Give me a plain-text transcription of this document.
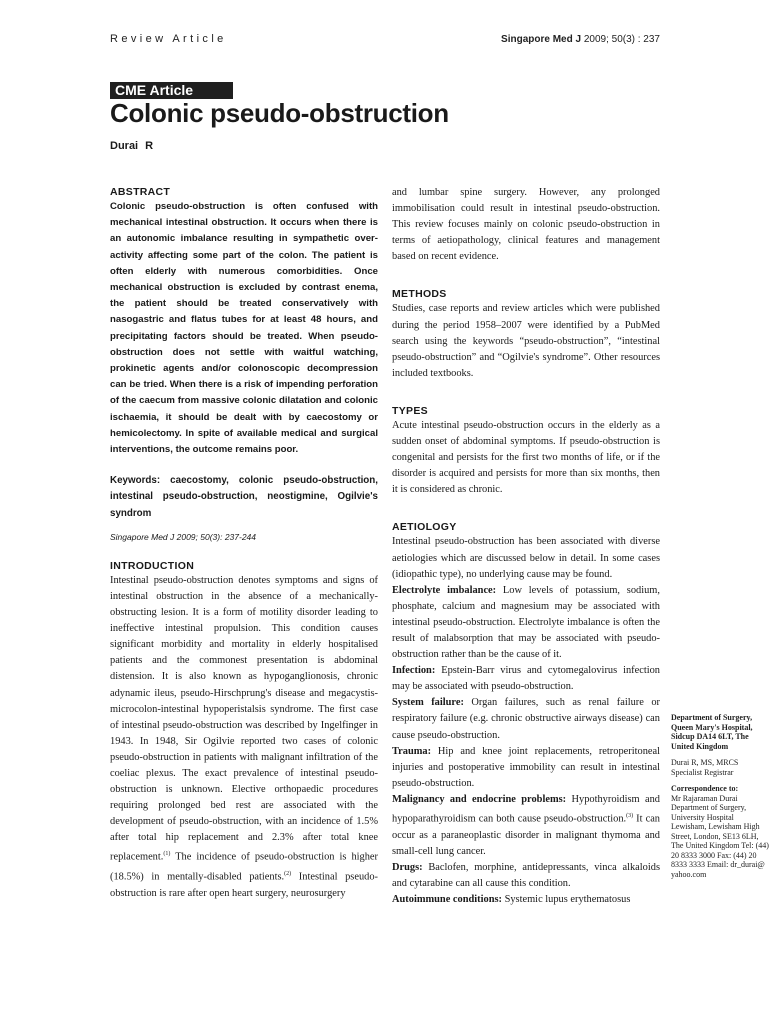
Review Article	Singapore Med J 2009; 50(3) : 237
CME Article
Colonic pseudo-obstruction
Durai R

ABSTRACT

Colonic pseudo-obstruction is often confused with mechanical intestinal obstruction. It occurs when there is an autonomic imbalance resulting in sympathetic over-activity affecting some part of the colon. The patient is often elderly with numerous comorbidities. Once mechanical obstruction is excluded by contrast enema, the patient should be treated conservatively with nasogastric and flatus tubes for at least 48 hours, and precipitating factors should be treated. When pseudo-obstruction does not settle with waitful watching, prokinetic agents and/or colonoscopic decompression can be tried. When there is a risk of impending perforation of the caecum from massive colonic dilatation and colonic ischaemia, it should be dealt with by caecostomy or hemicolectomy. In spite of available medical and surgical interventions, the outcome remains poor.

Keywords: caecostomy, colonic pseudo-obstruction, intestinal pseudo-obstruction, neostigmine, Ogilvie's syndrom

Singapore Med J 2009; 50(3): 237-244

INTRODUCTION

Intestinal pseudo-obstruction denotes symptoms and signs of intestinal obstruction in the absence of a mechanically-obstructing lesion. It is a form of motility disorder leading to ineffective intestinal propulsion. This condition causes significant morbidity and mortality in elderly hospitalised patients and the commonest presentation is abdominal distension. It is also known as hypoganglionosis, chronic adynamic ileus, pseudo-Hirschprung's disease and megacystis-microcolon-intestinal hypoperistalsis syndrome. The first case of intestinal pseudo-obstruction was described by Ingelfinger in 1943. In 1948, Sir Ogilvie reported two cases of colonic pseudo-obstruction in patients with malignant infiltration of the coeliac plexus. The exact prevalence of intestinal pseudo-obstruction is unknown. Elective orthopaedic procedures requiring prolonged bed rest are associated with the development of pseudo-obstruction, with an incidence of 1.5% after total hip replacement and 2.3% after total knee replacement.$^{(1)}$ The incidence of pseudo-obstruction is higher (18.5%) in mentally-disabled patients.$^{(2)}$ Intestinal pseudo-obstruction is rare after open heart surgery, neurosurgery

and lumbar spine surgery. However, any prolonged immobilisation could result in intestinal pseudo-obstruction. This review focuses mainly on colonic pseudo-obstruction in terms of aetiopathology, clinical features and management based on recent evidence.

METHODS

Studies, case reports and review articles which were published during the period 1958–2007 were identified by a PubMed search using the keywords “pseudo-obstruction”, “intestinal pseudo-obstruction” and “Ogilvie's syndrome”. Other resources included textbooks.

TYPES

Acute intestinal pseudo-obstruction occurs in the elderly as a sudden onset of abdominal symptoms. If pseudo-obstruction is congenital and persists for the first two months of life, or if the disorder is acquired and persists for more than six months, then it is considered as chronic.

AETIOLOGY

Intestinal pseudo-obstruction has been associated with diverse aetiologies which are discussed below in detail. In some cases (idiopathic type), no underlying cause may be found.

Electrolyte imbalance: Low levels of potassium, sodium, phosphate, calcium and magnesium may be associated with intestinal pseudo-obstruction. Electrolyte imbalance is often the result of malabsorption that may be associated with pseudo-obstruction rather than be the cause of it.

Infection: Epstein-Barr virus and cytomegalovirus infection may be associated with pseudo-obstruction.

System failure: Organ failures, such as renal failure or respiratory failure (e.g. chronic obstructive airways disease) can cause pseudo-obstruction.

Trauma: Hip and knee joint replacements, retroperitoneal injuries and postoperative immobility can result in intestinal pseudo-obstruction.

Malignancy and endocrine problems: Hypothyroidism and hypoparathyroidism can both cause pseudo-obstruction.$^{(3)}$ It can occur as a paraneoplastic disorder in malignant thymoma and small-cell lung cancer.

Drugs: Baclofen, morphine, antidepressants, vinca alkaloids and cytarabine can all cause this condition.

Autoimmune conditions: Systemic lupus erythematosus

Department of Surgery, Queen Mary's Hospital, Sidcup DA14 6LT, The United Kingdom

Durai R, MS, MRCS Specialist Registrar

Correspondence to:

Mr Rajaraman Durai Department of Surgery, University Hospital Lewisham, Lewisham High Street, London, SE13 6LH, The United Kingdom Tel: (44) 20 8333 3000 Fax: (44) 20 8333 3333 Email: dr_durai@ yahoo.com
